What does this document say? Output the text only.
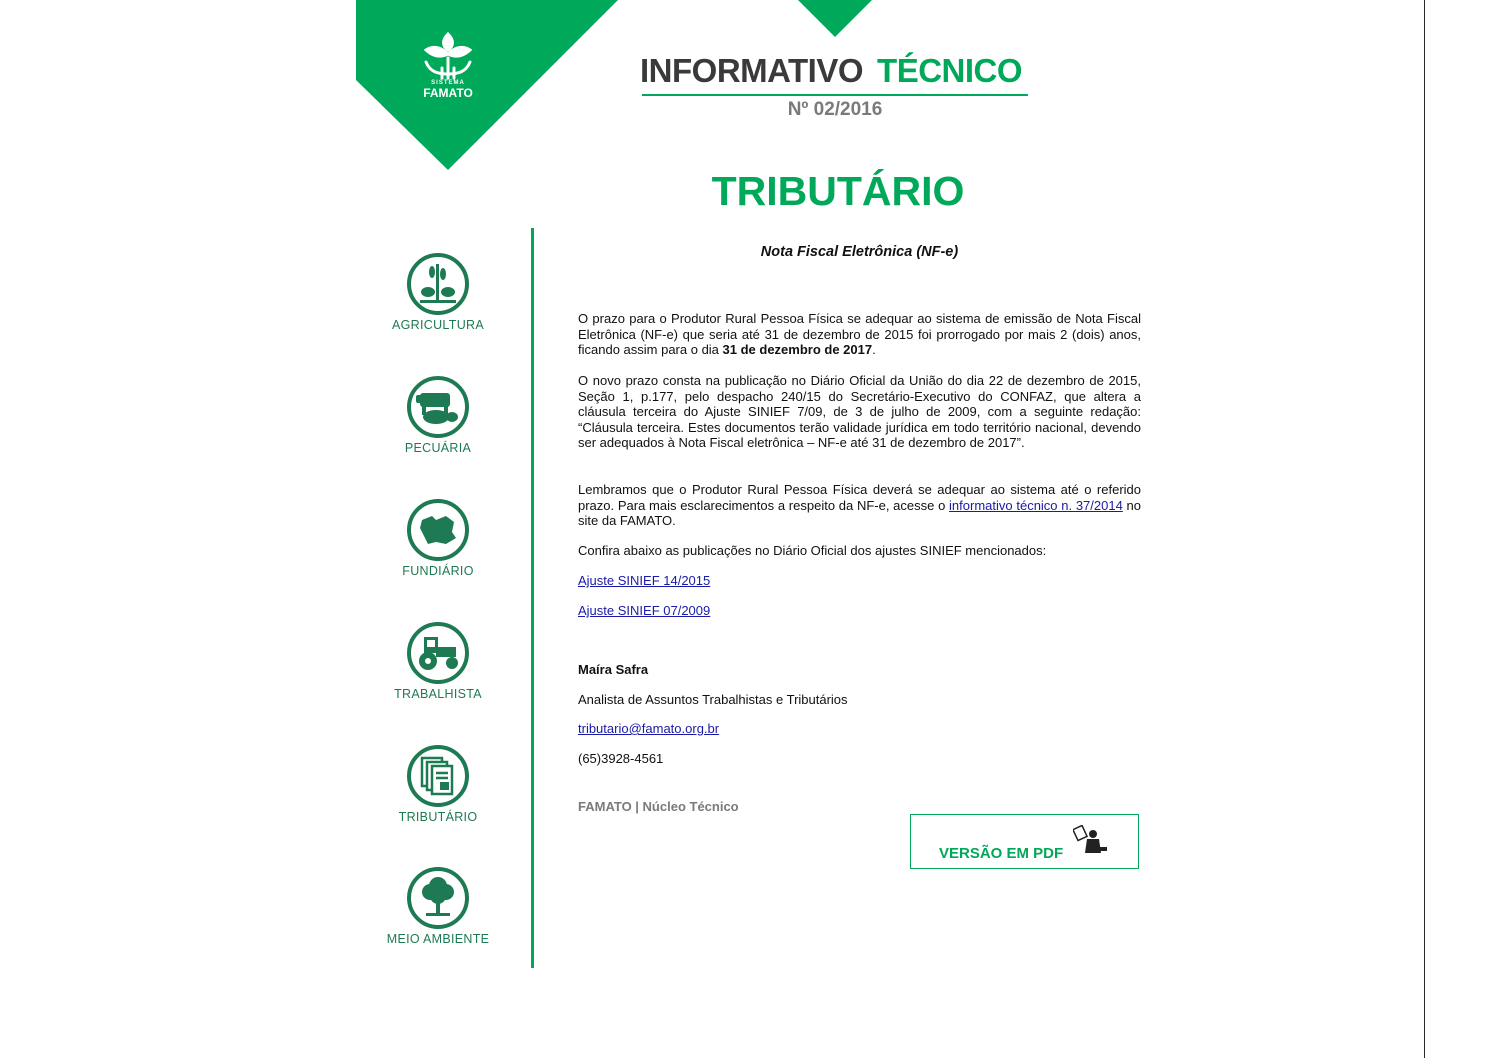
SISTEMA
FAMATO
INFORMATIVO TÉCNICO
Nº 02/2016
TRIBUTÁRIO
AGRICULTURA
PECUÁRIA
FUNDIÁRIO
TRABALHISTA
TRIBUTÁRIO
MEIO AMBIENTE
Nota Fiscal Eletrônica (NF-e)

O prazo para o Produtor Rural Pessoa Física se adequar ao sistema de emissão de Nota Fiscal Eletrônica (NF-e) que seria até 31 de dezembro de 2015 foi prorrogado por mais 2 (dois) anos, ficando assim para o dia 31 de dezembro de 2017.

O novo prazo consta na publicação no Diário Oficial da União do dia 22 de dezembro de 2015, Seção 1, p.177, pelo despacho 240/15 do Secretário-Executivo do CONFAZ, que altera a cláusula terceira do Ajuste SINIEF 7/09, de 3 de julho de 2009, com a seguinte redação: “Cláusula terceira. Estes documentos terão validade jurídica em todo território nacional, devendo ser adequados à Nota Fiscal eletrônica – NF-e até 31 de dezembro de 2017”.

Lembramos que o Produtor Rural Pessoa Física deverá se adequar ao sistema até o referido prazo. Para mais esclarecimentos a respeito da NF-e, acesse o informativo técnico n. 37/2014 no site da FAMATO.

Confira abaixo as publicações no Diário Oficial dos ajustes SINIEF mencionados:
Ajuste SINIEF 14/2015
Ajuste SINIEF 07/2009
Maíra Safra
Analista de Assuntos Trabalhistas e Tributários
tributario@famato.org.br
(65)3928-4561
FAMATO | Núcleo Técnico
VERSÃO EM PDF
